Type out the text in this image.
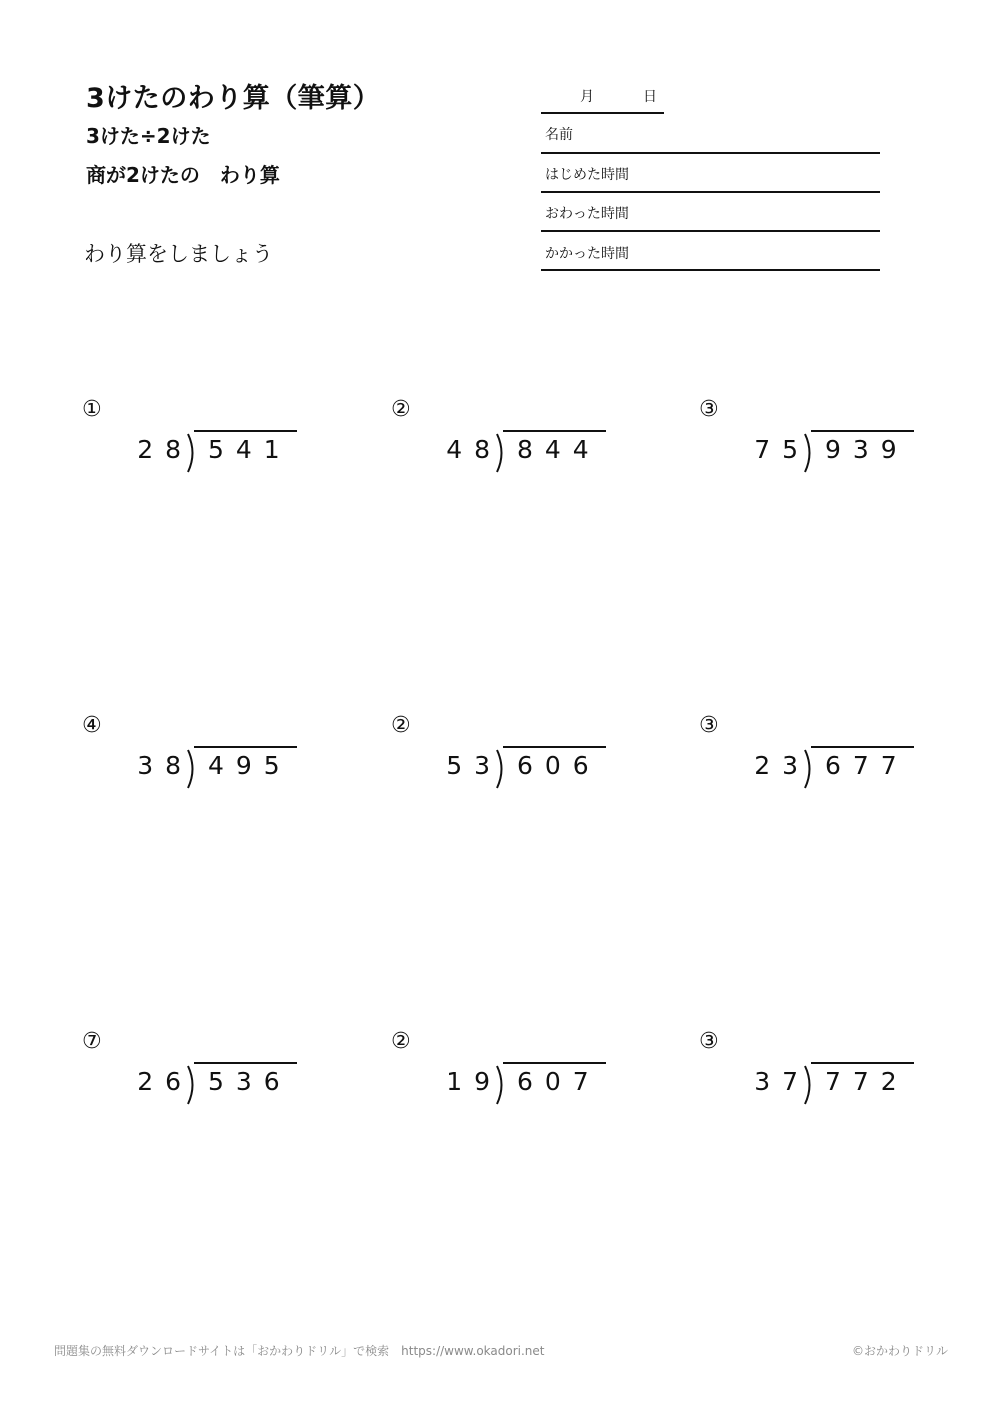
3けたのわり算（筆算）
3けた÷2けた
商が2けたの　わり算
わり算をしましょう
月	日
名前
はじめた時間
おわった時間
かかった時間
①
28 541
②
48 844
③
75 939
④
38 495
②
53 606
③
23 677
⑦
26 536
②
19 607
③
37 772
問題集の無料ダウンロードサイトは「おかわりドリル」で検索　https://www.okadori.net	©おかわりドリル
